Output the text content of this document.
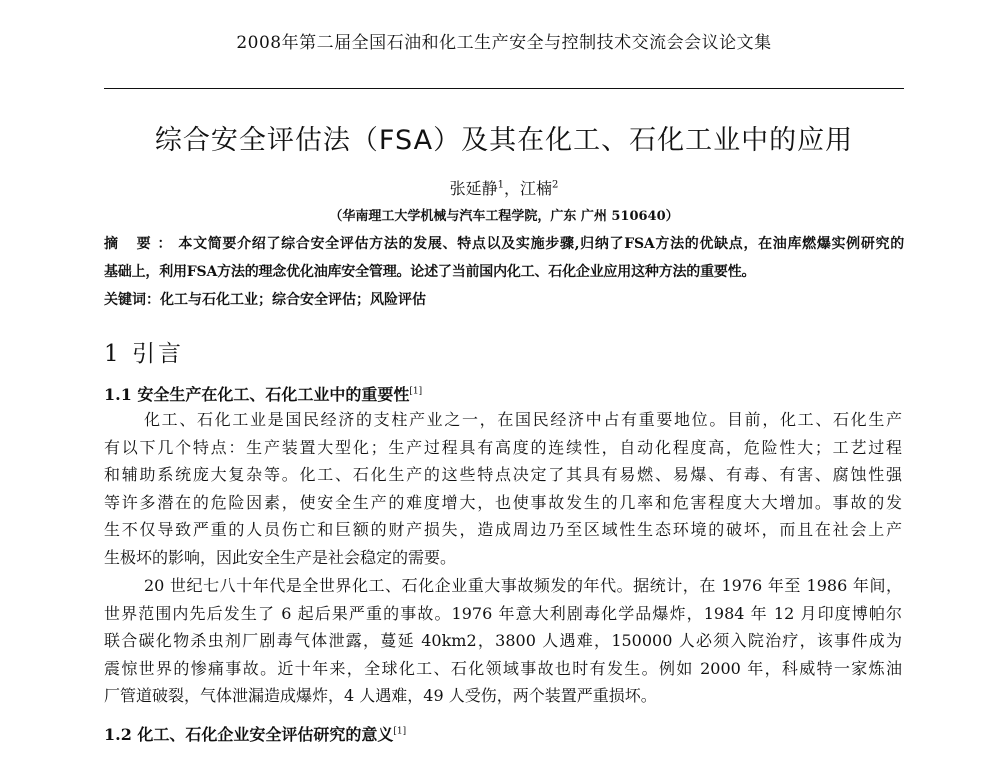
2008年第二届全国石油和化工生产安全与控制技术交流会会议论文集
综合安全评估法（FSA）及其在化工、石化工业中的应用
张延静$^1$，江楠$^2$
（华南理工大学机械与汽车工程学院，广东 广州 510640）
摘 要：本文简要介绍了综合安全评估方法的发展、特点以及实施步骤,归纳了FSA方法的优缺点，在油库燃爆实例研究的
基础上，利用FSA方法的理念优化油库安全管理。论述了当前国内化工、石化企业应用这种方法的重要性。
关键词：化工与石化工业；综合安全评估；风险评估
1 引言
1.1 安全生产在化工、石化工业中的重要性[1]
化工、石化工业是国民经济的支柱产业之一，在国民经济中占有重要地位。目前，化工、石化生产
有以下几个特点：生产装置大型化；生产过程具有高度的连续性，自动化程度高，危险性大；工艺过程
和辅助系统庞大复杂等。化工、石化生产的这些特点决定了其具有易燃、易爆、有毒、有害、腐蚀性强
等许多潜在的危险因素，使安全生产的难度增大，也使事故发生的几率和危害程度大大增加。事故的发
生不仅导致严重的人员伤亡和巨额的财产损失，造成周边乃至区域性生态环境的破坏，而且在社会上产
生极坏的影响，因此安全生产是社会稳定的需要。
20 世纪七八十年代是全世界化工、石化企业重大事故频发的年代。据统计，在 1976 年至 1986 年间，
世界范围内先后发生了 6 起后果严重的事故。1976 年意大利剧毒化学品爆炸，1984 年 12 月印度博帕尔
联合碳化物杀虫剂厂剧毒气体泄露，蔓延 40km2，3800 人遇难，150000 人必须入院治疗，该事件成为
震惊世界的惨痛事故。近十年来，全球化工、石化领域事故也时有发生。例如 2000 年，科威特一家炼油
厂管道破裂，气体泄漏造成爆炸，4 人遇难，49 人受伤，两个装置严重损坏。
1.2 化工、石化企业安全评估研究的意义[1]
